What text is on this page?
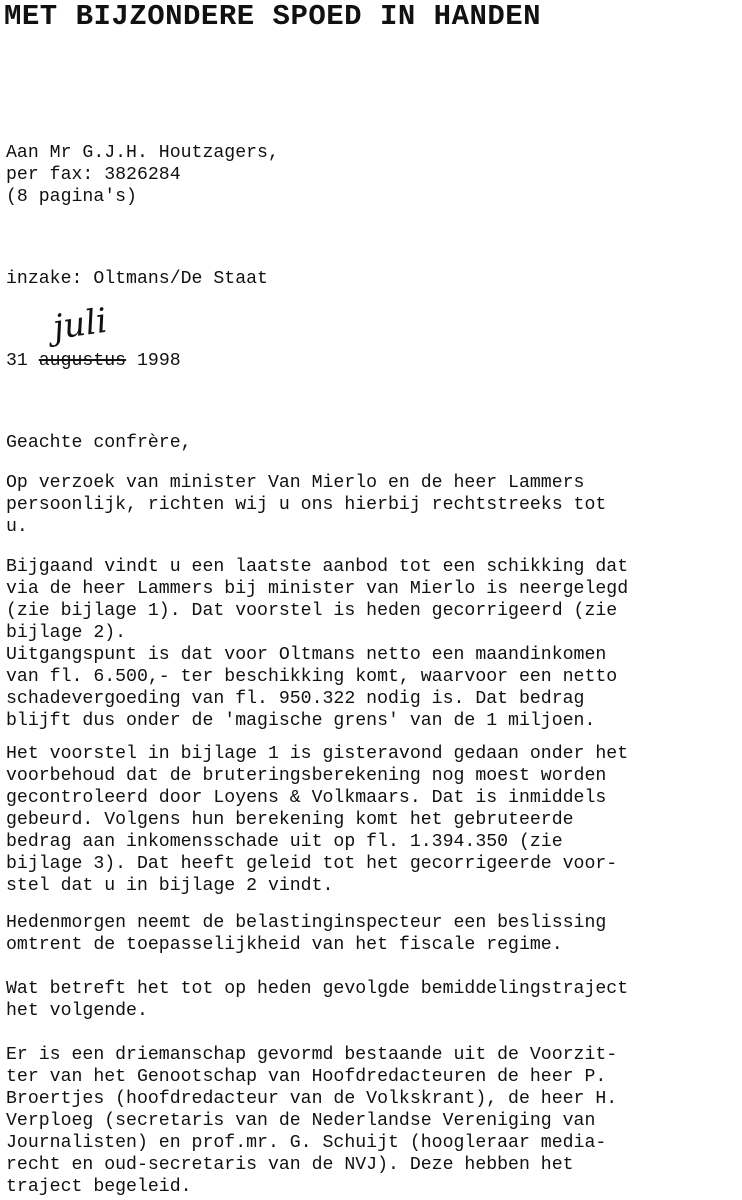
MET BIJZONDERE SPOED IN HANDEN
Aan Mr G.J.H. Houtzagers,
per fax: 3826284
(8 pagina's)
inzake: Oltmans/De Staat
juli
31 augustus 1998
Geachte confrère,
Op verzoek van minister Van Mierlo en de heer Lammers
persoonlijk, richten wij u ons hierbij rechtstreeks tot
u.
Bijgaand vindt u een laatste aanbod tot een schikking dat
via de heer Lammers bij minister van Mierlo is neergelegd
(zie bijlage 1). Dat voorstel is heden gecorrigeerd (zie
bijlage 2).
Uitgangspunt is dat voor Oltmans netto een maandinkomen
van fl. 6.500,- ter beschikking komt, waarvoor een netto
schadevergoeding van fl. 950.322 nodig is. Dat bedrag
blijft dus onder de 'magische grens' van de 1 miljoen.
Het voorstel in bijlage 1 is gisteravond gedaan onder het
voorbehoud dat de bruteringsberekening nog moest worden
gecontroleerd door Loyens & Volkmaars. Dat is inmiddels
gebeurd. Volgens hun berekening komt het gebruteerde
bedrag aan inkomensschade uit op fl. 1.394.350 (zie
bijlage 3). Dat heeft geleid tot het gecorrigeerde voor-
stel dat u in bijlage 2 vindt.
Hedenmorgen neemt de belastinginspecteur een beslissing
omtrent de toepasselijkheid van het fiscale regime.
Wat betreft het tot op heden gevolgde bemiddelingstraject
het volgende.
Er is een driemanschap gevormd bestaande uit de Voorzit-
ter van het Genootschap van Hoofdredacteuren de heer P.
Broertjes (hoofdredacteur van de Volkskrant), de heer H.
Verploeg (secretaris van de Nederlandse Vereniging van
Journalisten) en prof.mr. G. Schuijt (hoogleraar media-
recht en oud-secretaris van de NVJ). Deze hebben het
traject begeleid.
